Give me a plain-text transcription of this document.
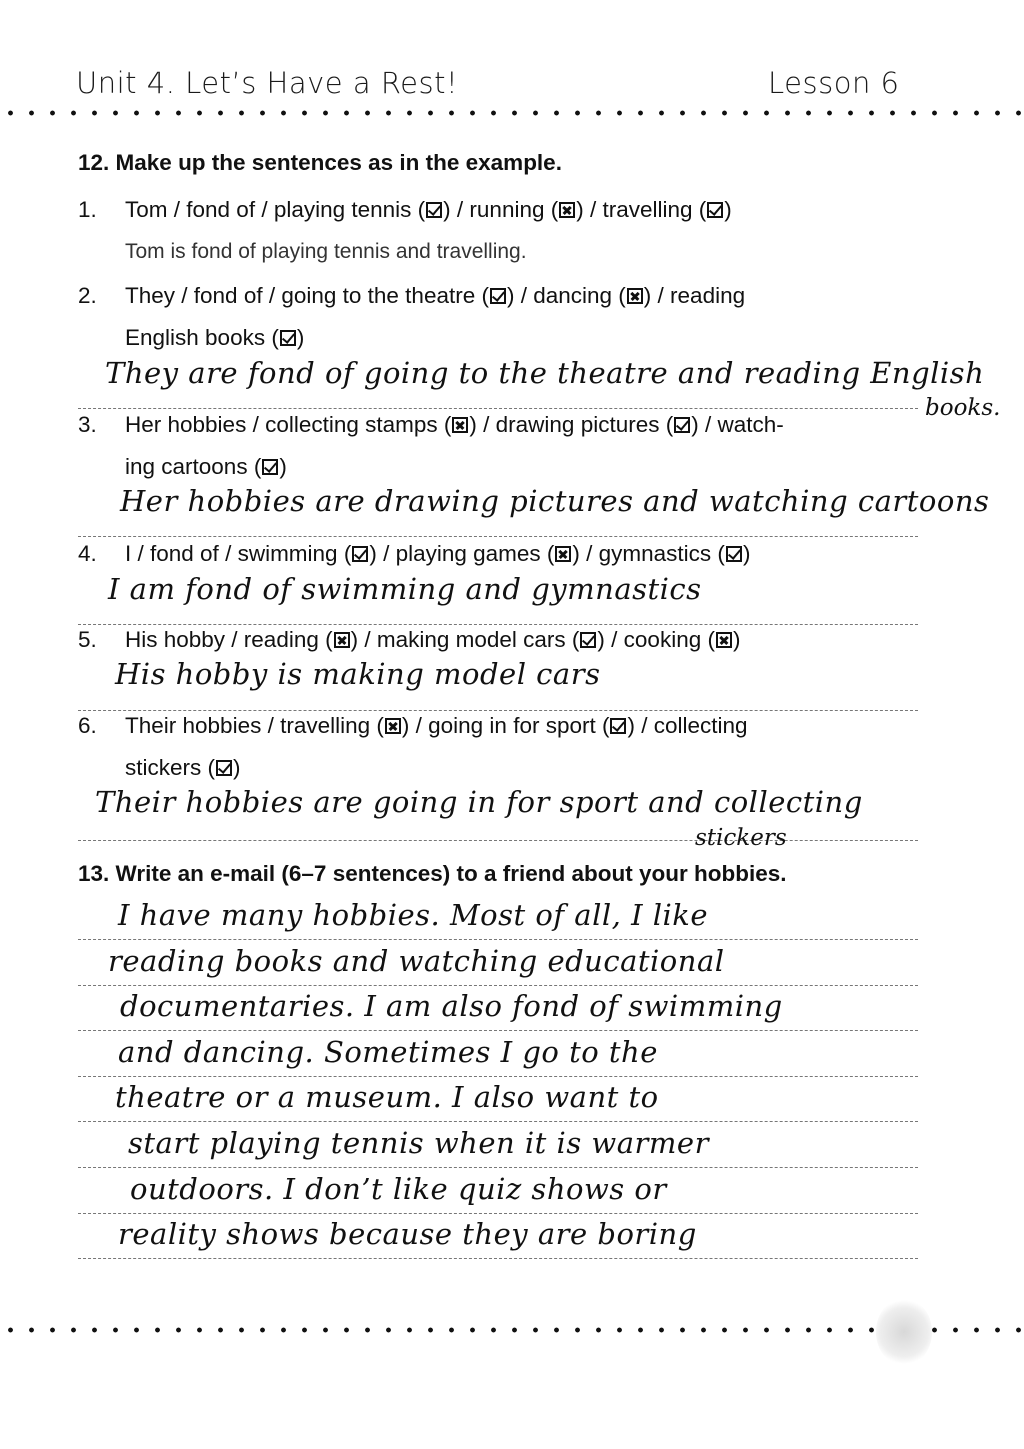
Unit 4. Let’s Have a Rest!	Lesson 6
12. Make up the sentences as in the example.
1. Tom / fond of / playing tennis ( ) / running (☒) / travelling ( )
Tom is fond of playing tennis and travelling.
2. They / fond of / going to the theatre ( ) / dancing (☒) / reading
English books ( )
They are fond of going to the theatre and reading English
books.
3. Her hobbies / collecting stamps (☒) / drawing pictures ( ) / watch-
ing cartoons ( )
Her hobbies are drawing pictures and watching cartoons
4. I / fond of / swimming ( ) / playing games (☒) / gymnastics ( )
I am fond of swimming and gymnastics
5. His hobby / reading (☒) / making model cars ( ) / cooking (☒)
His hobby is making model cars
6. Their hobbies / travelling (☒) / going in for sport ( ) / collecting
stickers ( )
Their hobbies are going in for sport and collecting
stickers
13. Write an e-mail (6–7 sentences) to a friend about your hobbies.
I have many hobbies. Most of all, I like
reading books and watching educational
documentaries. I am also fond of swimming
and dancing. Sometimes I go to the
theatre or a museum. I also want to
start playing tennis when it is warmer
outdoors. I don’t like quiz shows or
reality shows because they are boring
